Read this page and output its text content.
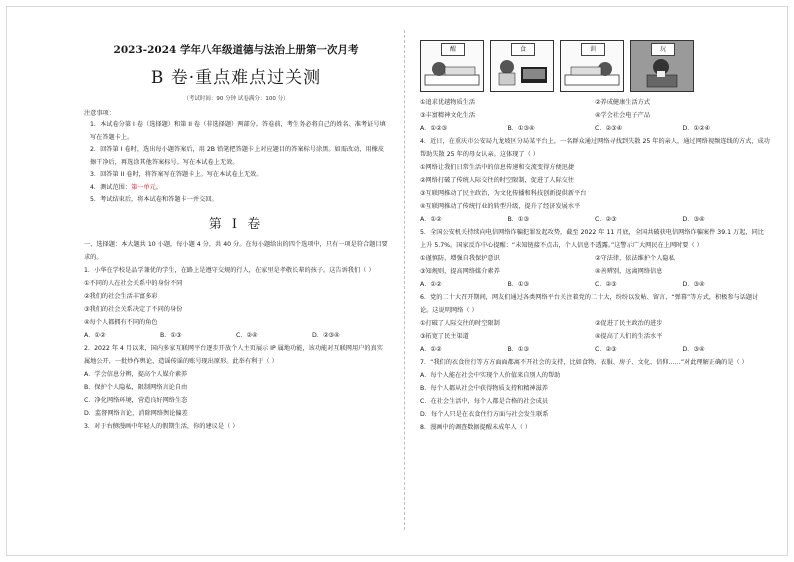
2023-2024 学年八年级道德与法治上册第一次月考
B 卷·重点难点过关测
（考试时间：90 分钟 试卷满分：100 分）
注意事项：
1．本试卷分第 I 卷（选择题）和第 II 卷（非选择题）两部分。答卷前，考生务必将自己的姓名、准考证号填写在答题卡上。
2．回答第 I 卷时，选出每小题答案后，用 2B 铅笔把答题卡上对应题目的答案标号涂黑。如需改动，用橡皮擦干净后，再选涂其他答案标号。写在本试卷上无效。
3．回答第 II 卷时，将答案写在答题卡上。写在本试卷上无效。
4．测试范围：第一单元。
5．考试结束后，将本试卷和答题卡一并交回。
第 I 卷
一、选择题：本大题共 10 小题，每小题 4 分，共 40 分。在每小题给出的四个选项中，只有一项是符合题目要求的。
1．小华在学校是品学兼优的学生，在路上是遵守交规的行人，在家里是孝敬长辈的孩子。这告诉我们（ ）
①不同的人在社会关系中的身份不同
②我们的社会生活丰富多彩
③我们的社会关系决定了不同的身份
④每个人都拥有不同的角色
A．①②	B．①③	C．②④	D．②③④
2．2022 年 4 月以来，国内多家互联网平台逐步开放个人主页展示 IP 属地功能，该功能对互联网用户的真实属地公开，一批炒作舆论、造谣传谣的账号现出原形。此举有利于（ ）
A．学会信息分辨，提高个人媒介素养
B．保护个人隐私，限制网络言论自由
C．净化网络环境，营造良好网络生态
D．监督网络言论，消除网络舆论偏差
3．对于右侧漫画中年轻人的假期生活，你的建议是（ ）
醒	食	训	玩
①追求优越物质生活	②养成健康生活方式
③丰富精神文化生活	④学会社会电子产品
A．①②③	B．①③④	C．②③④	D．①②④
4．近日，在重庆市公安局九龙坡区分局某平台上，一名群众通过网络寻找到失散 25 年的亲人，通过网络视频连线的方式，成功帮助失散 25 年的母女认亲。这体现了（ ）
①网络让我们日常生活中的信息传递和交流变得方便迅捷
②网络打破了传统人际交往的时空限制，促进了人际交往
③互联网推动了民主政治，为文化传播和科技创新提供新平台
④互联网推动了传统行业的转型升级，提升了经济发展水平
A．①②	B．①③	C．②③	D．③④
5．全国公安机关持续向电信网络诈骗犯罪发起攻势，截至 2022 年 11 月底，全国共破获电信网络诈骗案件 39.1 万起，同比上升 5.7%。国家反诈中心提醒：“未知链接不点击，个人信息不透露。”这警示广大网民在上网时要（ ）
①谨慎防，增强自我保护意识	②守法律，依法维护个人隐私
③知规则，提高网络媒介素养	④善辨别，远离网络信息
A．①②	B．①③	C．②③	D．③④
6．党的二十大召开期间，网友们通过各类网络平台关注着党的二十大，纷纷以发帖、留言、“弹幕”等方式，积极参与话题讨论。这说明网络（ ）
①打破了人际交往的时空限制	②促进了民主政治的进步
③拓宽了民主渠道	④提高了人们的生活水平
A．①②	B．①③	C．②③	D．③④
7．“我们的衣食住行等方方面面都离不开社会的支持，比如食物、衣服、房子、文化、信仰……”对此理解正确的是（ ）
A．每个人能在社会中实现个人价值来自别人的帮助
B．每个人都从社会中获得物质支持和精神滋养
C．在社会生活中，每个人都是合格的社会成员
D．每个人只是在衣食住行方面与社会发生联系
8．漫画中的调查数据提醒未成年人（ ）
